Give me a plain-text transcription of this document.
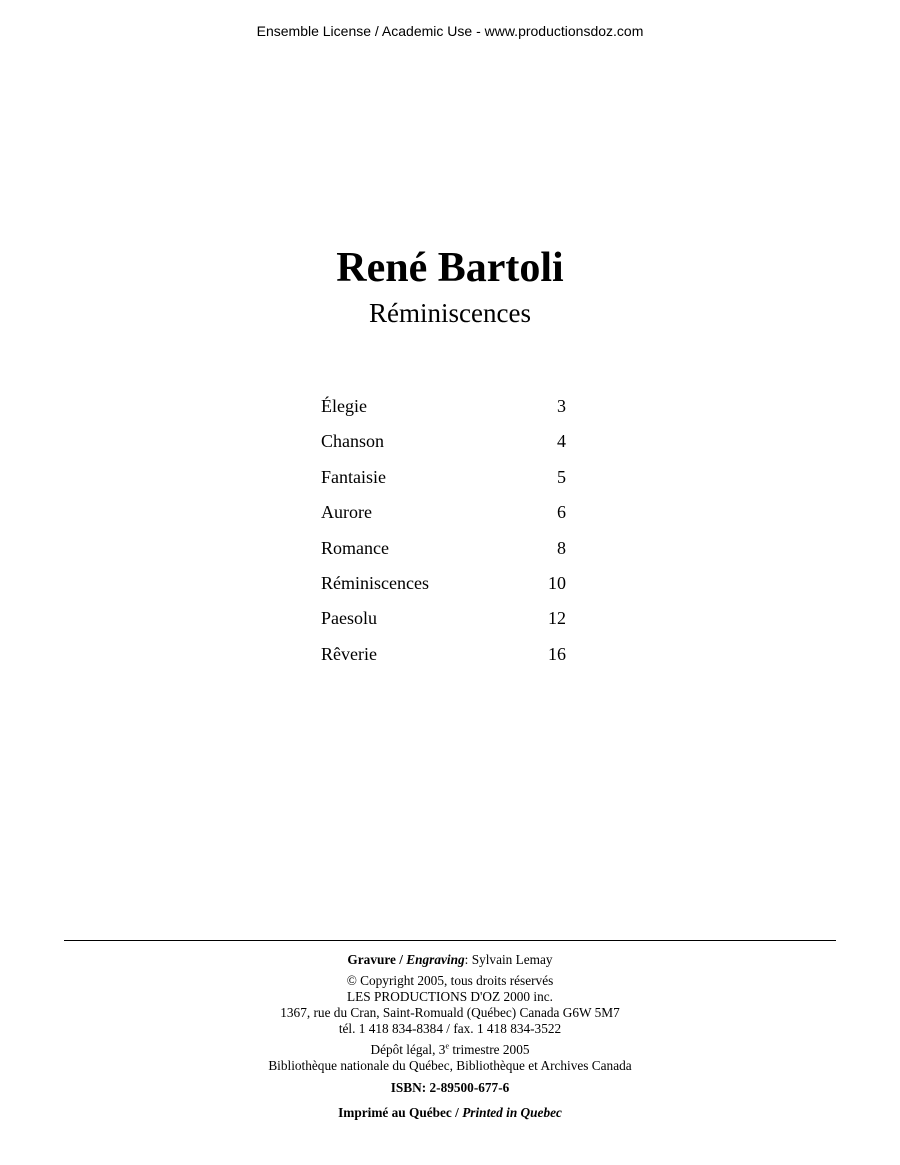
Ensemble License / Academic Use - www.productionsdoz.com
René Bartoli
Réminiscences
Élegie	3
Chanson	4
Fantaisie	5
Aurore	6
Romance	8
Réminiscences	10
Paesolu	12
Rêverie	16
Gravure / Engraving: Sylvain Lemay
© Copyright 2005, tous droits réservés
LES PRODUCTIONS D'OZ 2000 inc.
1367, rue du Cran, Saint-Romuald (Québec) Canada G6W 5M7
tél. 1 418 834-8384 / fax. 1 418 834-3522
Dépôt légal, 3e trimestre 2005
Bibliothèque nationale du Québec, Bibliothèque et Archives Canada
ISBN: 2-89500-677-6
Imprimé au Québec / Printed in Quebec
